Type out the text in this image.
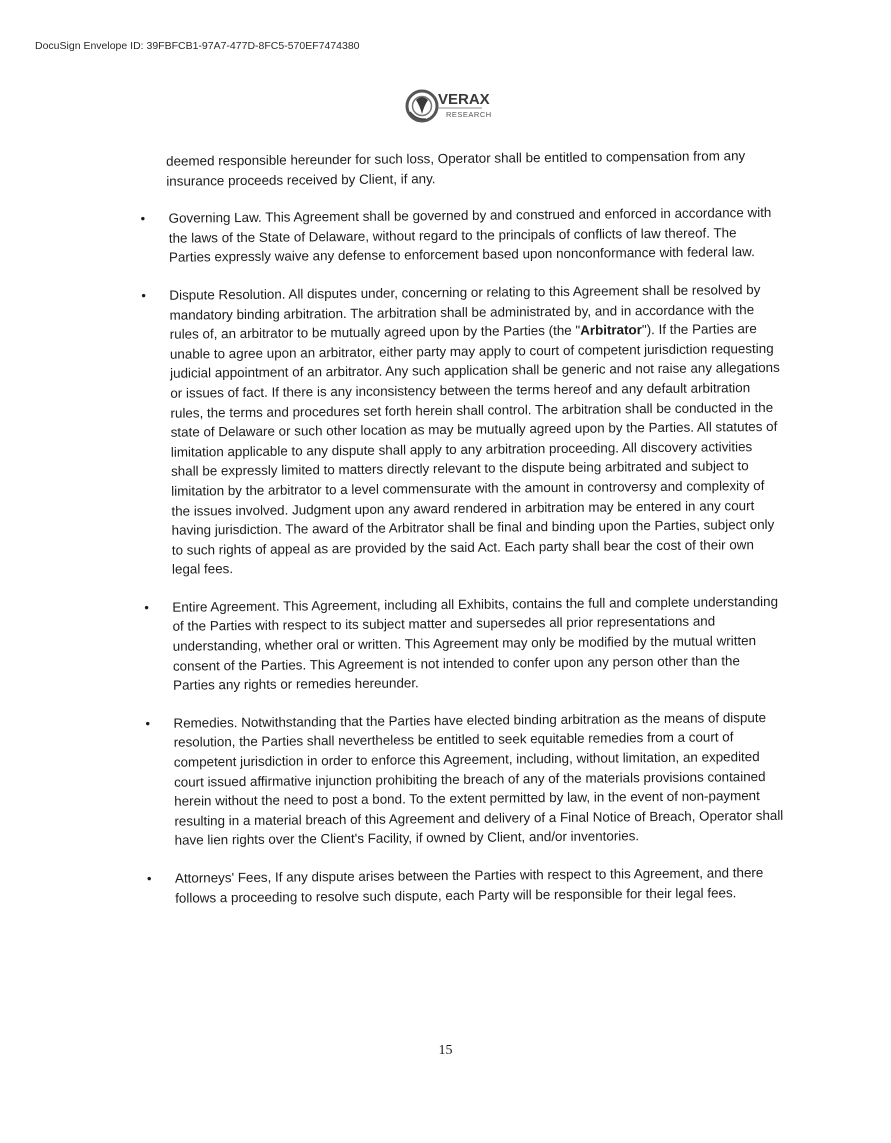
DocuSign Envelope ID: 39FBFCB1-97A7-477D-8FC5-570EF7474380
VERAX
RESEARCH

deemed responsible hereunder for such loss, Operator shall be entitled to compensation from any insurance proceeds received by Client, if any.

•	Governing Law. This Agreement shall be governed by and construed and enforced in accordance with the laws of the State of Delaware, without regard to the principals of conflicts of law thereof. The Parties expressly waive any defense to enforcement based upon nonconformance with federal law.

•	Dispute Resolution. All disputes under, concerning or relating to this Agreement shall be resolved by mandatory binding arbitration. The arbitration shall be administrated by, and in accordance with the rules of, an arbitrator to be mutually agreed upon by the Parties (the "Arbitrator"). If the Parties are unable to agree upon an arbitrator, either party may apply to court of competent jurisdiction requesting judicial appointment of an arbitrator. Any such application shall be generic and not raise any allegations or issues of fact. If there is any inconsistency between the terms hereof and any default arbitration rules, the terms and procedures set forth herein shall control. The arbitration shall be conducted in the state of Delaware or such other location as may be mutually agreed upon by the Parties. All statutes of limitation applicable to any dispute shall apply to any arbitration proceeding. All discovery activities shall be expressly limited to matters directly relevant to the dispute being arbitrated and subject to limitation by the arbitrator to a level commensurate with the amount in controversy and complexity of the issues involved. Judgment upon any award rendered in arbitration may be entered in any court having jurisdiction. The award of the Arbitrator shall be final and binding upon the Parties, subject only to such rights of appeal as are provided by the said Act. Each party shall bear the cost of their own legal fees.

•	Entire Agreement. This Agreement, including all Exhibits, contains the full and complete understanding of the Parties with respect to its subject matter and supersedes all prior representations and understanding, whether oral or written. This Agreement may only be modified by the mutual written consent of the Parties. This Agreement is not intended to confer upon any person other than the Parties any rights or remedies hereunder.

•	Remedies. Notwithstanding that the Parties have elected binding arbitration as the means of dispute resolution, the Parties shall nevertheless be entitled to seek equitable remedies from a court of competent jurisdiction in order to enforce this Agreement, including, without limitation, an expedited court issued affirmative injunction prohibiting the breach of any of the materials provisions contained herein without the need to post a bond. To the extent permitted by law, in the event of non-payment resulting in a material breach of this Agreement and delivery of a Final Notice of Breach, Operator shall have lien rights over the Client's Facility, if owned by Client, and/or inventories.

•	Attorneys' Fees, If any dispute arises between the Parties with respect to this Agreement, and there follows a proceeding to resolve such dispute, each Party will be responsible for their legal fees.

15
